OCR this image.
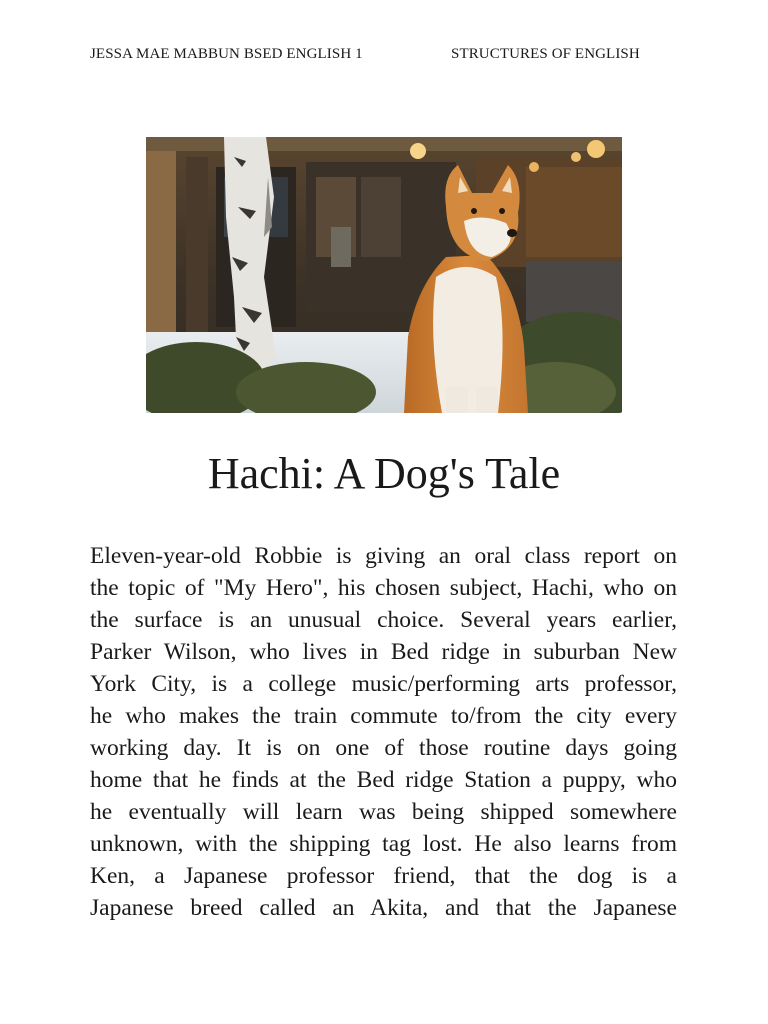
JESSA MAE MABBUN BSED ENGLISH 1	STRUCTURES OF ENGLISH
Hachi: A Dog's Tale
Eleven-year-old Robbie is giving an oral class report on
the topic of "My Hero", his chosen subject, Hachi, who on
the surface is an unusual choice. Several years earlier,
Parker Wilson, who lives in Bed ridge in suburban New
York City, is a college music/performing arts professor,
he who makes the train commute to/from the city every
working day. It is on one of those routine days going
home that he finds at the Bed ridge Station a puppy, who
he eventually will learn was being shipped somewhere
unknown, with the shipping tag lost. He also learns from
Ken, a Japanese professor friend, that the dog is a
Japanese breed called an Akita, and that the Japanese
